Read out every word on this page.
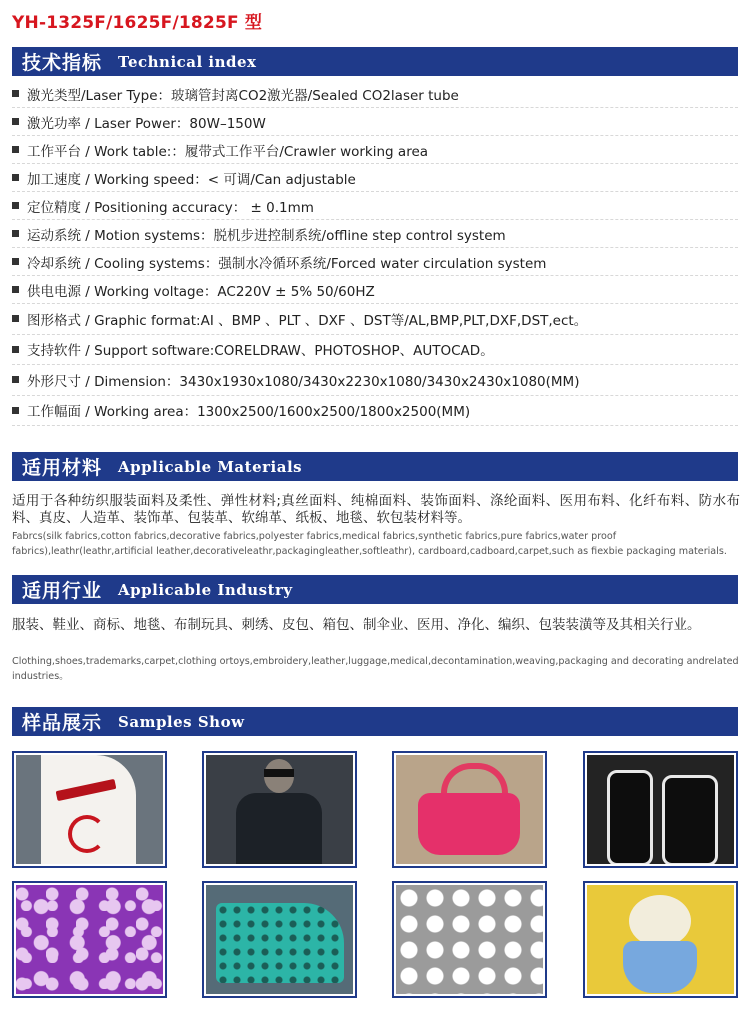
YH-1325F/1625F/1825F 型
技术指标 Technical index
激光类型/Laser Type：玻璃管封离CO2激光器/Sealed CO2laser tube
激光功率 / Laser Power：80W–150W
工作平台 / Work table:：履带式工作平台/Crawler working area
加工速度 / Working speed：< 可调/Can adjustable
定位精度 / Positioning accuracy： ± 0.1mm
运动系统 / Motion systems：脱机步进控制系统/offline step control system
冷却系统 / Cooling systems：强制水冷循环系统/Forced water circulation system
供电电源 / Working voltage：AC220V ± 5% 50/60HZ
图形格式 / Graphic format:AI 、BMP 、PLT 、DXF 、DST等/AL,BMP,PLT,DXF,DST,ect。
支持软件 / Support software:CORELDRAW、PHOTOSHOP、AUTOCAD。
外形尺寸 / Dimension：3430x1930x1080/3430x2230x1080/3430x2430x1080(MM)
工作幅面 / Working area：1300x2500/1600x2500/1800x2500(MM)
适用材料 Applicable Materials
适用于各种纺织服装面料及柔性、弹性材料;真丝面料、纯棉面料、装饰面料、涤纶面料、医用布料、化纤布料、防水布料、真皮、人造革、装饰革、包装革、软绵革、纸板、地毯、软包装材料等。
Fabrcs(silk fabrics,cotton fabrics,decorative fabrics,polyester fabrics,medical fabrics,synthetic fabrics,pure fabrics,water proof fabrics),leathr(leathr,artificial leather,decorativeleathr,packagingleather,softleathr), cardboard,cadboard,carpet,such as fiexbie packaging materials.
适用行业 Applicable Industry
服装、鞋业、商标、地毯、布制玩具、刺绣、皮包、箱包、制伞业、医用、净化、编织、包装装潢等及其相关行业。
Clothing,shoes,trademarks,carpet,clothing ortoys,embroidery,leather,luggage,medical,decontamination,weaving,packaging and decorating andrelated industries。
样品展示 Samples Show
